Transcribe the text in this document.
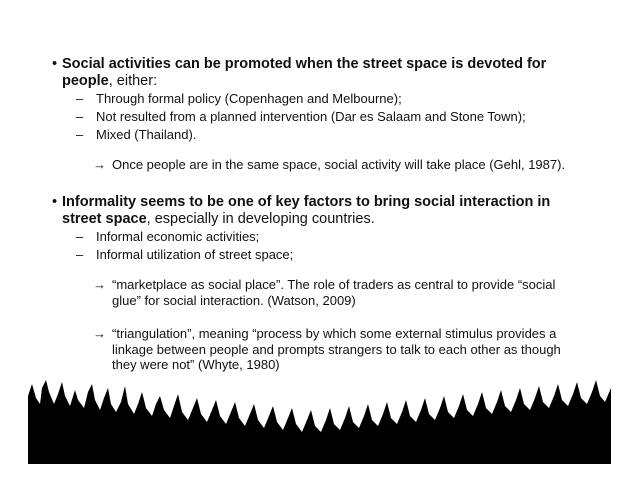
• Social activities can be promoted when the street space is devoted for people, either:
– Through formal policy (Copenhagen and Melbourne);
– Not resulted from a planned intervention (Dar es Salaam and Stone Town);
– Mixed (Thailand).
→ Once people are in the same space, social activity will take place (Gehl, 1987).
• Informality seems to be one of key factors to bring social interaction in street space, especially in developing countries.
– Informal economic activities;
– Informal utilization of street space;
→ “marketplace as social place”. The role of traders as central to provide “social glue” for social interaction. (Watson, 2009)
→ “triangulation”, meaning “process by which some external stimulus provides a linkage between people and prompts strangers to talk to each other as though they were not” (Whyte, 1980)
